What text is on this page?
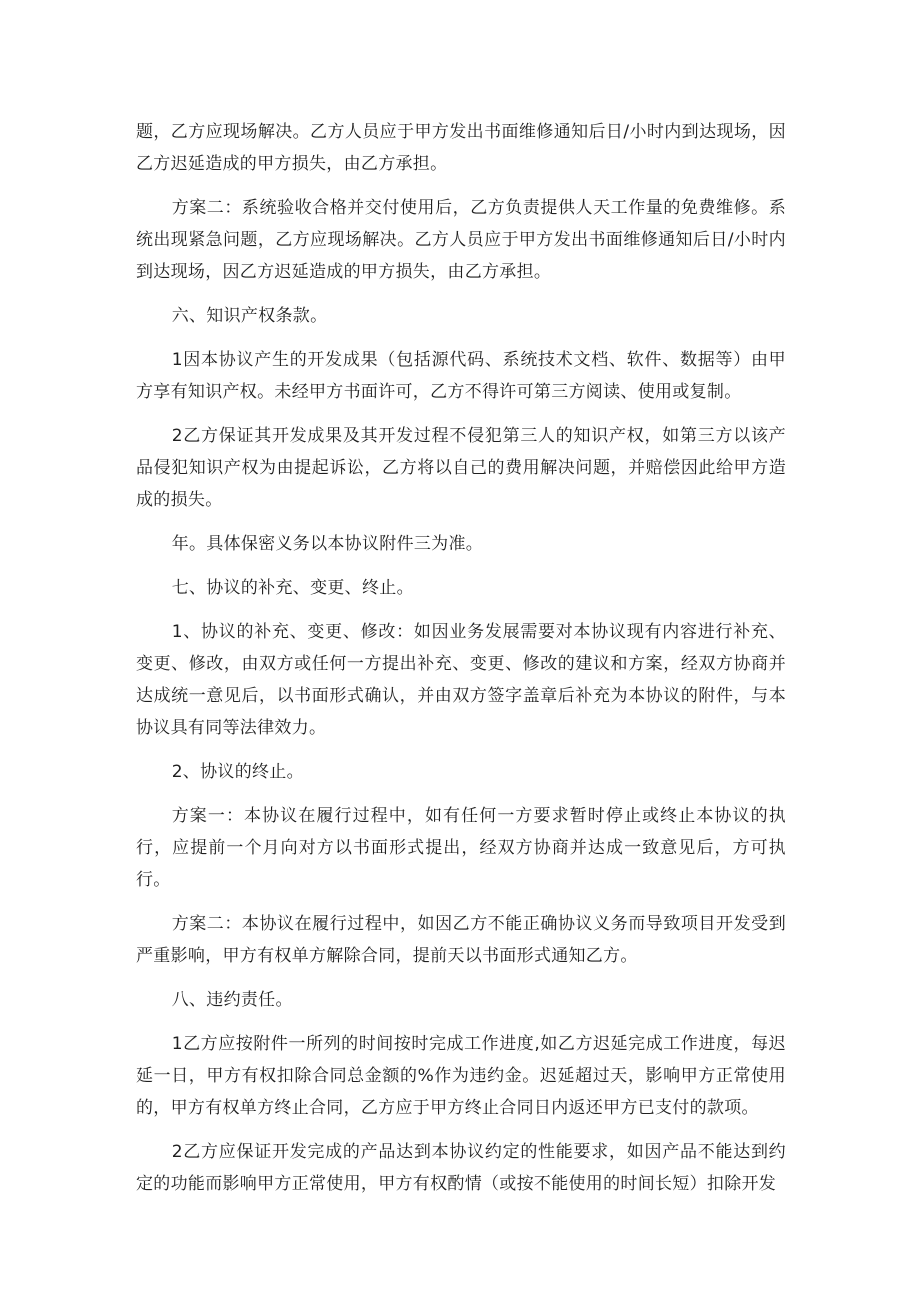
题，乙方应现场解决。乙方人员应于甲方发出书面维修通知后日/小时内到达现场，因乙方迟延造成的甲方损失，由乙方承担。

方案二：系统验收合格并交付使用后，乙方负责提供人天工作量的免费维修。系统出现紧急问题，乙方应现场解决。乙方人员应于甲方发出书面维修通知后日/小时内到达现场，因乙方迟延造成的甲方损失，由乙方承担。

六、知识产权条款。

1因本协议产生的开发成果（包括源代码、系统技术文档、软件、数据等）由甲方享有知识产权。未经甲方书面许可，乙方不得许可第三方阅读、使用或复制。

2乙方保证其开发成果及其开发过程不侵犯第三人的知识产权，如第三方以该产品侵犯知识产权为由提起诉讼，乙方将以自己的费用解决问题，并赔偿因此给甲方造成的损失。

年。具体保密义务以本协议附件三为准。

七、协议的补充、变更、终止。

1、协议的补充、变更、修改：如因业务发展需要对本协议现有内容进行补充、变更、修改，由双方或任何一方提出补充、变更、修改的建议和方案，经双方协商并达成统一意见后，以书面形式确认，并由双方签字盖章后补充为本协议的附件，与本协议具有同等法律效力。

2、协议的终止。

方案一：本协议在履行过程中，如有任何一方要求暂时停止或终止本协议的执行，应提前一个月向对方以书面形式提出，经双方协商并达成一致意见后，方可执行。

方案二：本协议在履行过程中，如因乙方不能正确协议义务而导致项目开发受到严重影响，甲方有权单方解除合同，提前天以书面形式通知乙方。

八、违约责任。

1乙方应按附件一所列的时间按时完成工作进度,如乙方迟延完成工作进度，每迟延一日，甲方有权扣除合同总金额的%作为违约金。迟延超过天，影响甲方正常使用的，甲方有权单方终止合同，乙方应于甲方终止合同日内返还甲方已支付的款项。

2乙方应保证开发完成的产品达到本协议约定的性能要求，如因产品不能达到约定的功能而影响甲方正常使用，甲方有权酌情（或按不能使用的时间长短）扣除开发
